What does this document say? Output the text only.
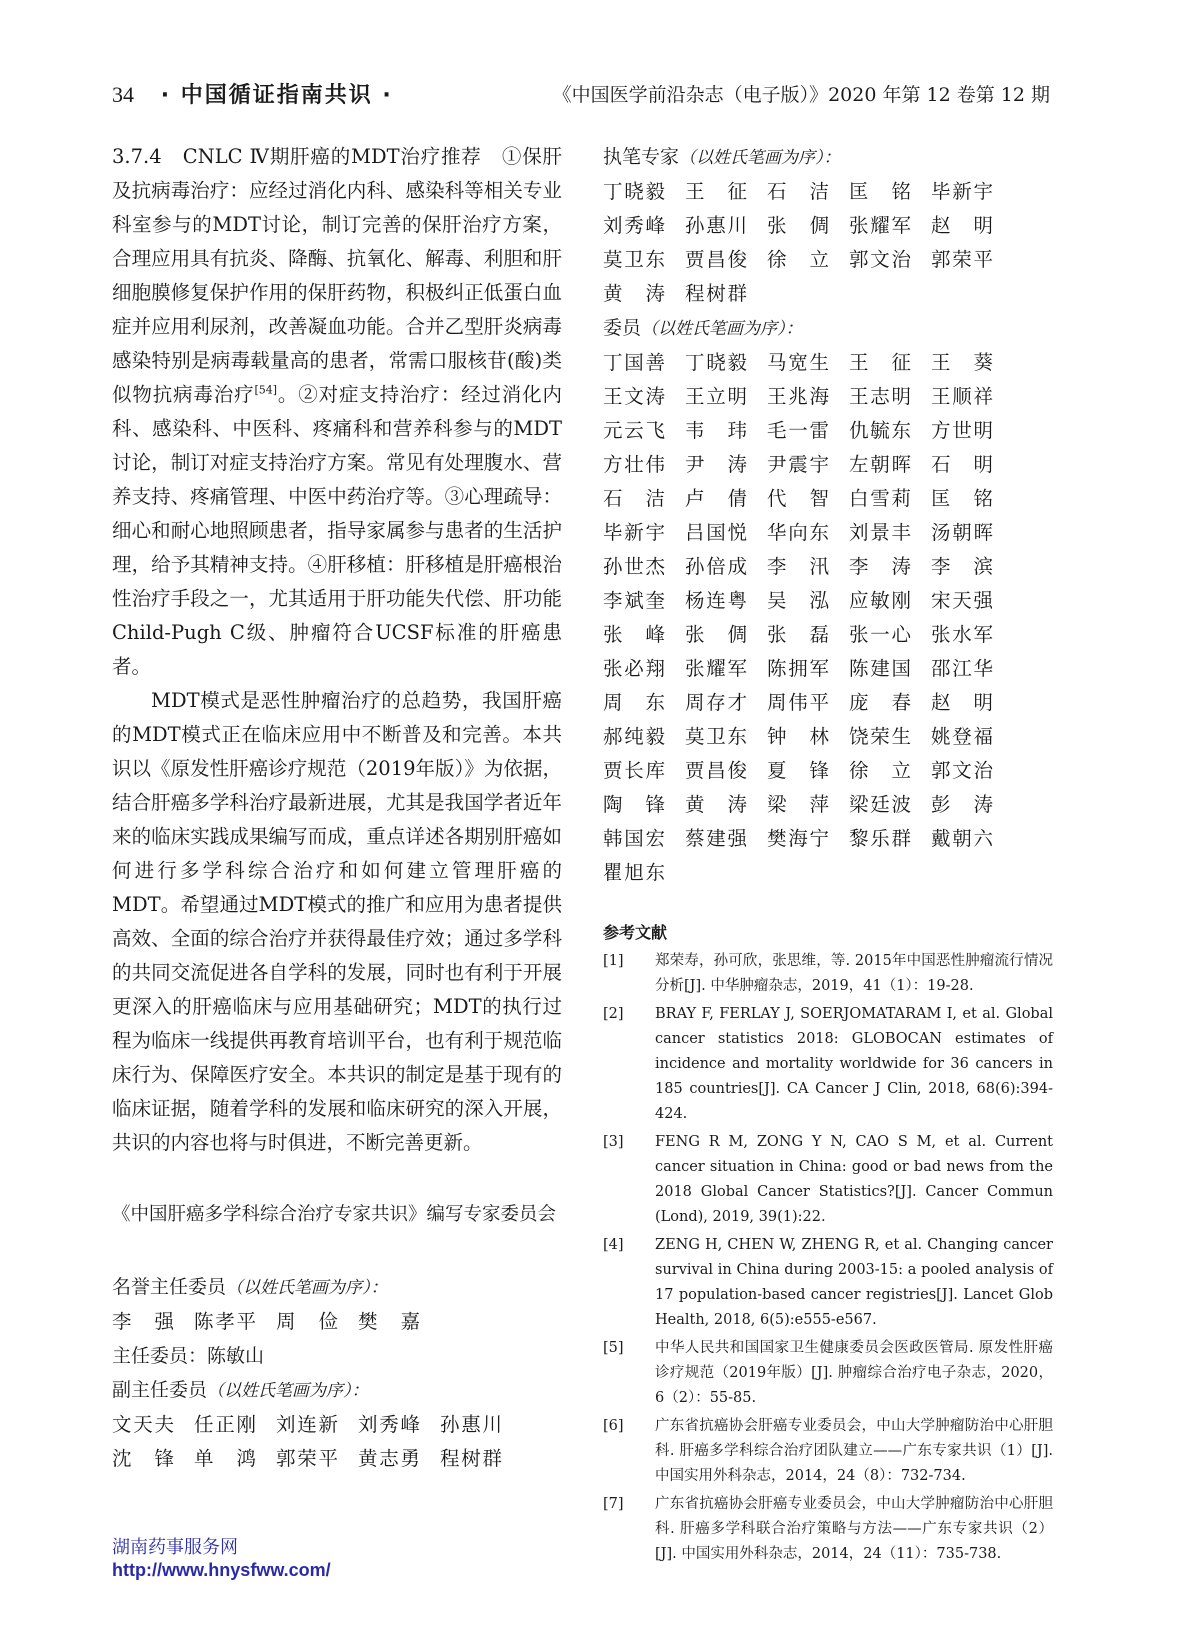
34 · 中国循证指南共识 ·	《中国医学前沿杂志（电子版）》2020 年第 12 卷第 12 期

3.7.4　CNLC Ⅳ期肝癌的MDT治疗推荐　①保肝及抗病毒治疗：应经过消化内科、感染科等相关专业科室参与的MDT讨论，制订完善的保肝治疗方案，合理应用具有抗炎、降酶、抗氧化、解毒、利胆和肝细胞膜修复保护作用的保肝药物，积极纠正低蛋白血症并应用利尿剂，改善凝血功能。合并乙型肝炎病毒感染特别是病毒载量高的患者，常需口服核苷(酸)类似物抗病毒治疗[54]。②对症支持治疗：经过消化内科、感染科、中医科、疼痛科和营养科参与的MDT讨论，制订对症支持治疗方案。常见有处理腹水、营养支持、疼痛管理、中医中药治疗等。③心理疏导：细心和耐心地照顾患者，指导家属参与患者的生活护理，给予其精神支持。④肝移植：肝移植是肝癌根治性治疗手段之一，尤其适用于肝功能失代偿、肝功能Child-Pugh C级、肿瘤符合UCSF标准的肝癌患者。

MDT模式是恶性肿瘤治疗的总趋势，我国肝癌的MDT模式正在临床应用中不断普及和完善。本共识以《原发性肝癌诊疗规范（2019年版）》为依据，结合肝癌多学科治疗最新进展，尤其是我国学者近年来的临床实践成果编写而成，重点详述各期别肝癌如何进行多学科综合治疗和如何建立管理肝癌的MDT。希望通过MDT模式的推广和应用为患者提供高效、全面的综合治疗并获得最佳疗效；通过多学科的共同交流促进各自学科的发展，同时也有利于开展更深入的肝癌临床与应用基础研究；MDT的执行过程为临床一线提供再教育培训平台，也有利于规范临床行为、保障医疗安全。本共识的制定是基于现有的临床证据，随着学科的发展和临床研究的深入开展，共识的内容也将与时俱进，不断完善更新。

《中国肝癌多学科综合治疗专家共识》编写专家委员会

名誉主任委员（以姓氏笔画为序）：

李　强 陈孝平 周　俭 樊　嘉

主任委员：陈敏山

副主任委员（以姓氏笔画为序）：

文天夫 任正刚 刘连新 刘秀峰 孙惠川
沈　锋 单　鸿 郭荣平 黄志勇 程树群

执笔专家（以姓氏笔画为序）：

丁晓毅 王　征 石　洁 匡　铭 毕新宇
刘秀峰 孙惠川 张　倜 张耀军 赵　明
莫卫东 贾昌俊 徐　立 郭文治 郭荣平
黄　涛 程树群

委员（以姓氏笔画为序）：

丁国善 丁晓毅 马宽生 王　征 王　葵
王文涛 王立明 王兆海 王志明 王顺祥
元云飞 韦　玮 毛一雷 仇毓东 方世明
方壮伟 尹　涛 尹震宇 左朝晖 石　明
石　洁 卢　倩 代　智 白雪莉 匡　铭
毕新宇 吕国悦 华向东 刘景丰 汤朝晖
孙世杰 孙倍成 李　汛 李　涛 李　滨
李斌奎 杨连粤 吴　泓 应敏刚 宋天强
张　峰 张　倜 张　磊 张一心 张水军
张必翔 张耀军 陈拥军 陈建国 邵江华
周　东 周存才 周伟平 庞　春 赵　明
郝纯毅 莫卫东 钟　林 饶荣生 姚登福
贾长库 贾昌俊 夏　锋 徐　立 郭文治
陶　锋 黄　涛 梁　萍 梁廷波 彭　涛
韩国宏 蔡建强 樊海宁 黎乐群 戴朝六
瞿旭东
参考文献
[1]	郑荣寿，孙可欣，张思维，等. 2015年中国恶性肿瘤流行情况分析[J]. 中华肿瘤杂志，2019，41（1）：19-28.
[2]	BRAY F, FERLAY J, SOERJOMATARAM I, et al. Global cancer statistics 2018: GLOBOCAN estimates of incidence and mortality worldwide for 36 cancers in 185 countries[J]. CA Cancer J Clin, 2018, 68(6):394-424.
[3]	FENG R M, ZONG Y N, CAO S M, et al. Current cancer situation in China: good or bad news from the 2018 Global Cancer Statistics?[J]. Cancer Commun (Lond), 2019, 39(1):22.
[4]	ZENG H, CHEN W, ZHENG R, et al. Changing cancer survival in China during 2003-15: a pooled analysis of 17 population-based cancer registries[J]. Lancet Glob Health, 2018, 6(5):e555-e567.
[5]	中华人民共和国国家卫生健康委员会医政医管局. 原发性肝癌诊疗规范（2019年版）[J]. 肿瘤综合治疗电子杂志，2020，6（2）：55-85.
[6]	广东省抗癌协会肝癌专业委员会，中山大学肿瘤防治中心肝胆科. 肝癌多学科综合治疗团队建立——广东专家共识（1）[J]. 中国实用外科杂志，2014，24（8）：732-734.
[7]	广东省抗癌协会肝癌专业委员会，中山大学肿瘤防治中心肝胆科. 肝癌多学科联合治疗策略与方法——广东专家共识（2）[J]. 中国实用外科杂志，2014，24（11）：735-738.
湖南药事服务网
http://www.hnysfww.com/
